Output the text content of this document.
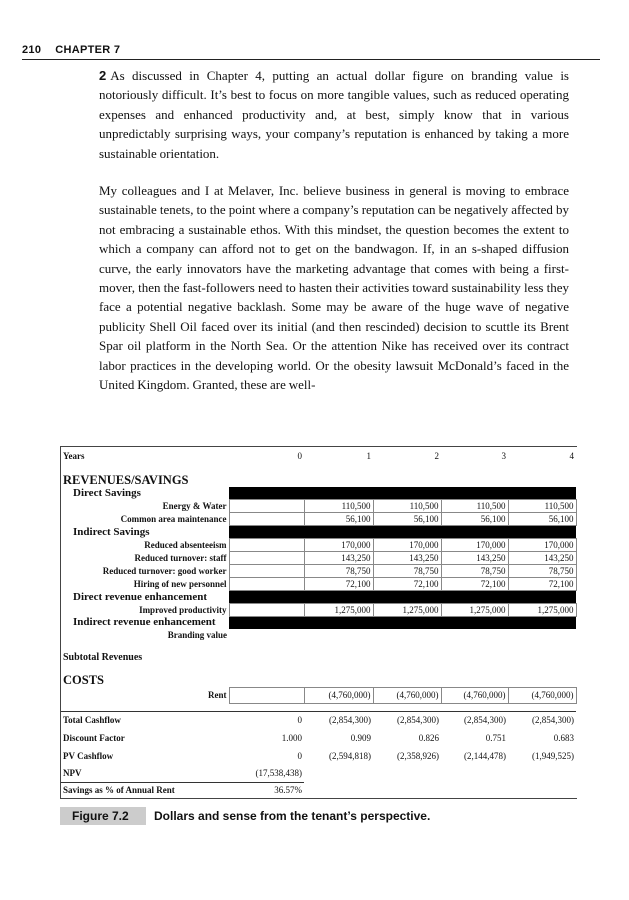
210 CHAPTER 7
2 As discussed in Chapter 4, putting an actual dollar figure on branding value is notoriously difficult. It’s best to focus on more tangible values, such as reduced operating expenses and enhanced productivity and, at best, simply know that in various unpredictably surprising ways, your company’s reputation is enhanced by taking a more sustainable orientation.
My colleagues and I at Melaver, Inc. believe business in general is moving to embrace sustainable tenets, to the point where a company’s reputation can be negatively affected by not embracing a sustainable ethos. With this mindset, the question becomes the extent to which a company can afford not to get on the bandwagon. If, in an s-shaped diffusion curve, the early innovators have the marketing advantage that comes with being a first-mover, then the fast-followers need to hasten their activities toward sustainability less they face a potential negative backlash. Some may be aware of the huge wave of negative publicity Shell Oil faced over its initial (and then rescinded) decision to scuttle its Brent Spar oil platform in the North Sea. Or the attention Nike has received over its contract labor practices in the developing world. Or the obesity lawsuit McDonald’s faced in the United Kingdom. Granted, these are well-
Years	0	1	2	3	4

REVENUES/SAVINGS					
Direct Savings					
Energy & Water		110,500	110,500	110,500	110,500
Common area maintenance		56,100	56,100	56,100	56,100
Indirect Savings					
Reduced absenteeism		170,000	170,000	170,000	170,000
Reduced turnover: staff		143,250	143,250	143,250	143,250
Reduced turnover: good worker		78,750	78,750	78,750	78,750
Hiring of new personnel		72,100	72,100	72,100	72,100
Direct revenue enhancement					
Improved productivity		1,275,000	1,275,000	1,275,000	1,275,000
Indirect revenue enhancement					
Branding value					

Subtotal Revenues					

COSTS					
Rent		(4,760,000)	(4,760,000)	(4,760,000)	(4,760,000)

Total Cashflow	0	(2,854,300)	(2,854,300)	(2,854,300)	(2,854,300)
Discount Factor	1.000	0.909	0.826	0.751	0.683
PV Cashflow	0	(2,594,818)	(2,358,926)	(2,144,478)	(1,949,525)
NPV	(17,538,438)				
Savings as % of Annual Rent	36.57%				
Figure 7.2 Dollars and sense from the tenant’s perspective.
